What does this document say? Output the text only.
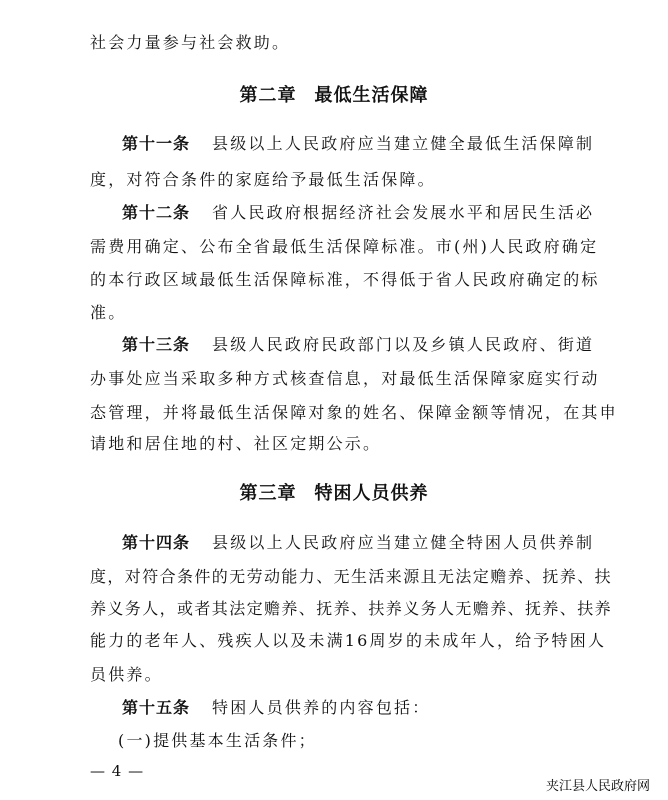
社会力量参与社会救助。
第二章 最低生活保障
第十一条 县级以上人民政府应当建立健全最低生活保障制
度，对符合条件的家庭给予最低生活保障。
第十二条 省人民政府根据经济社会发展水平和居民生活必
需费用确定、公布全省最低生活保障标准。市(州)人民政府确定
的本行政区域最低生活保障标准，不得低于省人民政府确定的标
准。
第十三条 县级人民政府民政部门以及乡镇人民政府、街道
办事处应当采取多种方式核查信息，对最低生活保障家庭实行动
态管理，并将最低生活保障对象的姓名、保障金额等情况，在其申
请地和居住地的村、社区定期公示。
第三章 特困人员供养
第十四条 县级以上人民政府应当建立健全特困人员供养制
度，对符合条件的无劳动能力、无生活来源且无法定赡养、抚养、扶
养义务人，或者其法定赡养、抚养、扶养义务人无赡养、抚养、扶养
能力的老年人、残疾人以及未满16周岁的未成年人，给予特困人
员供养。
第十五条 特困人员供养的内容包括：
(一)提供基本生活条件；
— 4 —
夹江县人民政府网
